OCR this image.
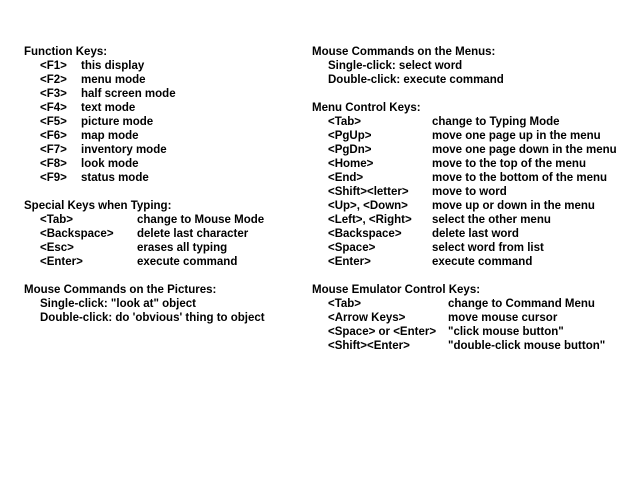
Function Keys:
<F1> this display
<F2> menu mode
<F3> half screen mode
<F4> text mode
<F5> picture mode
<F6> map mode
<F7> inventory mode
<F8> look mode
<F9> status mode
Special Keys when Typing:
<Tab>	change to Mouse Mode
<Backspace> delete last character
<Esc>	erases all typing
<Enter>	execute command
Mouse Commands on the Pictures:
Single-click: "look at" object
Double-click: do 'obvious' thing to object
Mouse Commands on the Menus:
Single-click: select word
Double-click: execute command
Menu Control Keys:
<Tab>	change to Typing Mode
<PgUp>	move one page up in the menu
<PgDn>	move one page down in the menu
<Home>	move to the top of the menu
<End>	move to the bottom of the menu
<Shift><letter> move to word
<Up>, <Down> move up or down in the menu
<Left>, <Right> select the other menu
<Backspace>	delete last word
<Space>	select word from list
<Enter>	execute command
Mouse Emulator Control Keys:
<Tab>	change to Command Menu
<Arrow Keys>	move mouse cursor
<Space> or <Enter> "click mouse button"
<Shift><Enter>	"double-click mouse button"
